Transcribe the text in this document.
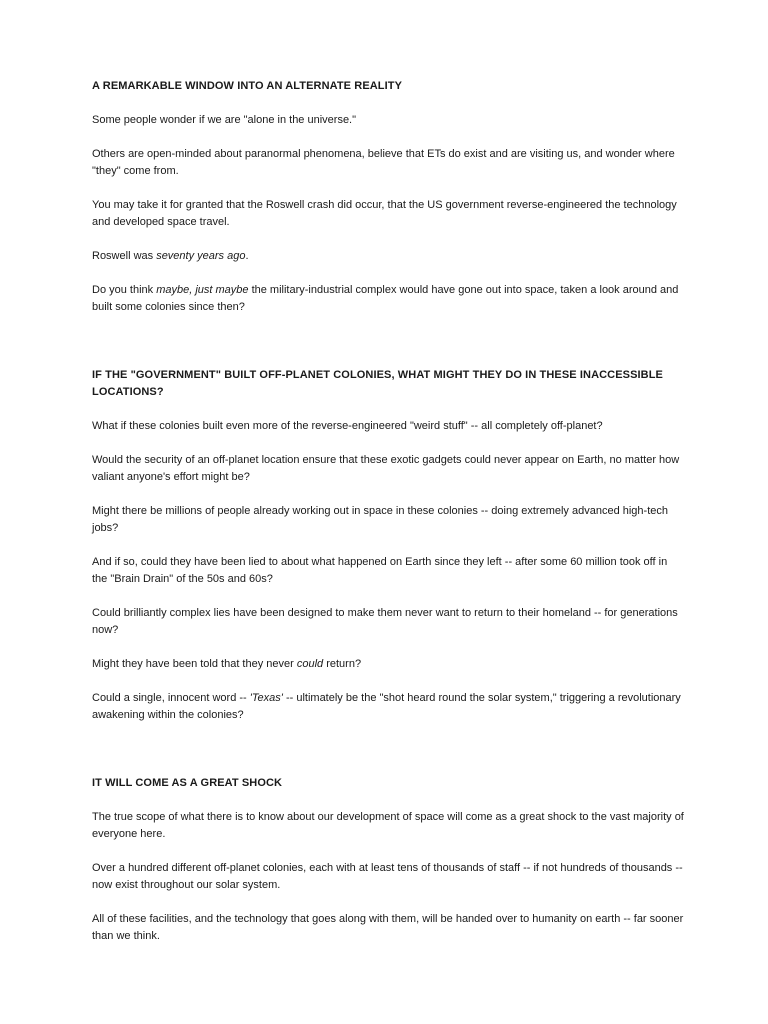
A REMARKABLE WINDOW INTO AN ALTERNATE REALITY

Some people wonder if we are "alone in the universe."

Others are open-minded about paranormal phenomena, believe that ETs do exist and are visiting us, and wonder where "they" come from.

You may take it for granted that the Roswell crash did occur, that the US government reverse-engineered the technology and developed space travel.

Roswell was seventy years ago.

Do you think maybe, just maybe the military-industrial complex would have gone out into space, taken a look around and built some colonies since then?

IF THE "GOVERNMENT" BUILT OFF-PLANET COLONIES, WHAT MIGHT THEY DO IN THESE INACCESSIBLE LOCATIONS?

What if these colonies built even more of the reverse-engineered "weird stuff" -- all completely off-planet?

Would the security of an off-planet location ensure that these exotic gadgets could never appear on Earth, no matter how valiant anyone's effort might be?

Might there be millions of people already working out in space in these colonies -- doing extremely advanced high-tech jobs?

And if so, could they have been lied to about what happened on Earth since they left -- after some 60 million took off in the "Brain Drain" of the 50s and 60s?

Could brilliantly complex lies have been designed to make them never want to return to their homeland -- for generations now?

Might they have been told that they never could return?

Could a single, innocent word -- 'Texas' -- ultimately be the "shot heard round the solar system," triggering a revolutionary awakening within the colonies?

IT WILL COME AS A GREAT SHOCK

The true scope of what there is to know about our development of space will come as a great shock to the vast majority of everyone here.

Over a hundred different off-planet colonies, each with at least tens of thousands of staff -- if not hundreds of thousands -- now exist throughout our solar system.

All of these facilities, and the technology that goes along with them, will be handed over to humanity on earth -- far sooner than we think.
